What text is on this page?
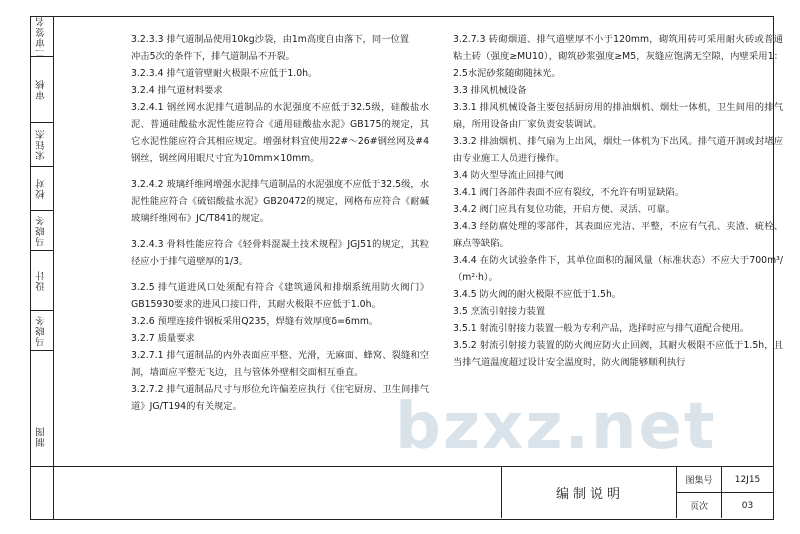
二审签名
审核
宋钰杰
校对
马晓冬
设计
马晓冬
制图

3.2.3.3 排气道制品使用10kg沙袋，由1m高度自由落下，同一位置

冲击5次的条件下，排气道制品不开裂。

3.2.3.4 排气道管壁耐火极限不应低于1.0h。

3.2.4 排气道材料要求

3.2.4.1 钢丝网水泥排气道制品的水泥强度不应低于32.5级，硅酸盐水泥、普通硅酸盐水泥性能应符合《通用硅酸盐水泥》GB175的规定，其它水泥性能应符合其相应规定。增强材料宜使用22#～26#钢丝网及#4钢丝，钢丝网用眼尺寸宜为10mm×10mm。

3.2.4.2 玻璃纤维网增强水泥排气道制品的水泥强度不应低于32.5级，水泥性能应符合《硫铝酸盐水泥》GB20472的规定，网格布应符合《耐碱玻璃纤维网布》JC/T841的规定。

3.2.4.3 骨料性能应符合《轻骨料混凝土技术规程》JGJ51的规定，其粒径应小于排气道壁厚的1/3。

3.2.5 排气道进风口处须配有符合《建筑通风和排烟系统用防火阀门》GB15930要求的进风口接口件，其耐火极限不应低于1.0h。

3.2.6 预埋连接件钢板采用Q235，焊缝有效厚度δ=6mm。

3.2.7 质量要求

3.2.7.1 排气道制品的内外表面应平整、光滑，无麻面、蜂窝、裂缝和空洞，墙面应平整无飞边，且与管体外壁相交面相互垂直。

3.2.7.2 排气道制品尺寸与形位允许偏差应执行《住宅厨房、卫生间排气道》JG/T194的有关规定。

3.2.7.3 砖砌烟道、排气道壁厚不小于120mm，砌筑用砖可采用耐火砖或普通粘土砖（强度≥MU10），砌筑砂浆强度≥M5，灰缝应饱满无空隙，内壁采用1：2.5水泥砂浆随砌随抹光。

3.3 排风机械设备

3.3.1 排风机械设备主要包括厨房用的排油烟机、烟灶一体机，卫生间用的排气扇，所用设备由厂家负责安装调试。

3.3.2 排油烟机、排气扇为上出风，烟灶一体机为下出风。排气道开洞或封堵应由专业施工人员进行操作。

3.4 防火型导流止回排气阀

3.4.1 阀门各部件表面不应有裂纹，不允许有明显缺陷。

3.4.2 阀门应具有复位功能，开启方便、灵活、可靠。

3.4.3 经防腐处理的零部件，其表面应光洁、平整，不应有气孔、夹渣、疵栓、麻点等缺陷。

3.4.4 在防火试验条件下，其单位面积的漏风量（标准状态）不应大于700m³/（m²·h）。

3.4.5 防火阀的耐火极限不应低于1.5h。

3.5 烹流引射接力装置

3.5.1 射流引射接力装置一般为专利产品，选择时应与排气道配合使用。

3.5.2 射流引射接力装置的防火阀应防火止回阀，其耐火极限不应低于1.5h，且当排气道温度超过设计安全温度时，防火阀能够顺利执行

编制说明
图集号	12J15
页次	03
bzxz.net
